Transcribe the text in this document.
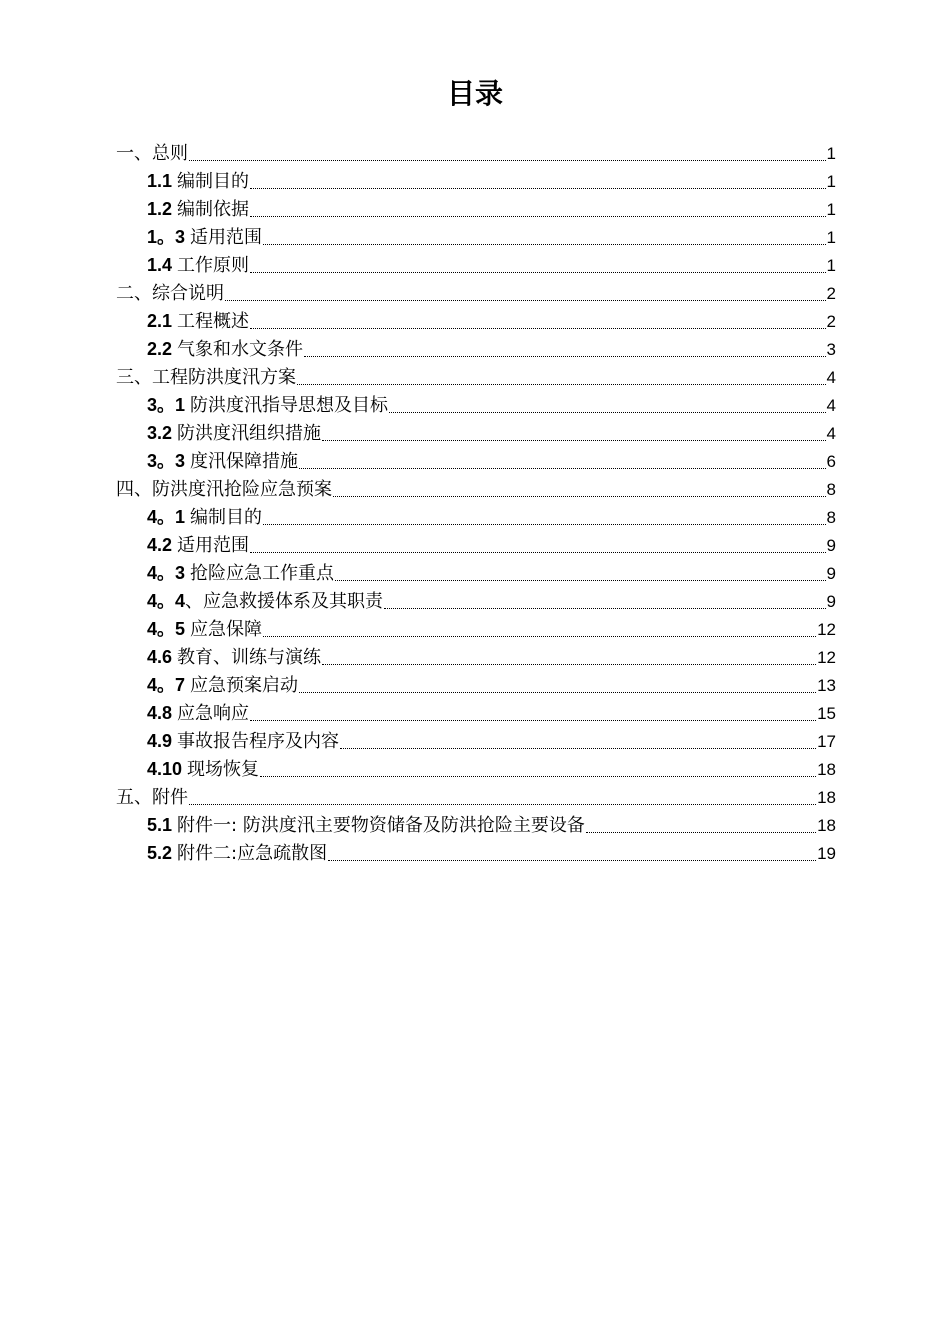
目录
一、总则	1
1.1 编制目的	1
1.2 编制依据	1
1。3 适用范围	1
1.4 工作原则	1
二、综合说明	2
2.1 工程概述	2
2.2 气象和水文条件	3
三、工程防洪度汛方案	4
3。1 防洪度汛指导思想及目标	4
3.2 防洪度汛组织措施	4
3。3 度汛保障措施	6
四、防洪度汛抢险应急预案	8
4。1 编制目的	8
4.2 适用范围	9
4。3 抢险应急工作重点	9
4。4、应急救援体系及其职责	9
4。5 应急保障	12
4.6 教育、训练与演练	12
4。7 应急预案启动	13
4.8 应急响应	15
4.9 事故报告程序及内容	17
4.10 现场恢复	18
五、附件	18
5.1 附件一: 防洪度汛主要物资储备及防洪抢险主要设备	18
5.2 附件二:应急疏散图	19
